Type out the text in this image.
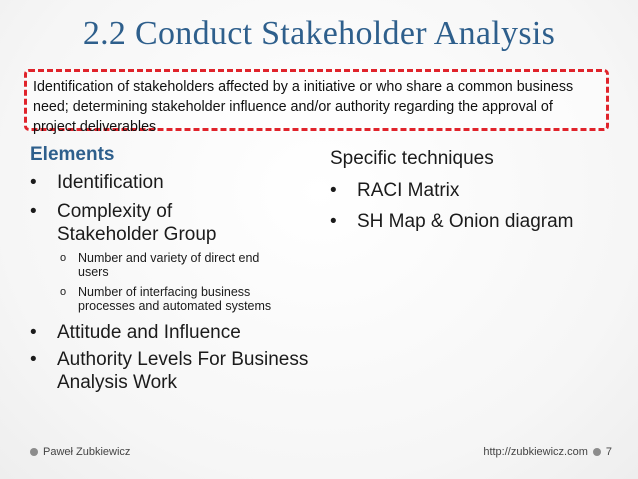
2.2 Conduct Stakeholder Analysis
Identification of stakeholders affected by a initiative or who share a common business need; determining stakeholder influence and/or authority regarding the approval of project deliverables
Elements
• Identification
• Complexity of Stakeholder Group
o Number and variety of direct end users
o Number of interfacing business processes and automated systems
• Attitude and Influence
• Authority Levels For Business Analysis Work
Specific techniques
• RACI Matrix
• SH Map & Onion diagram
Paweł Zubkiewicz	http://zubkiewicz.com 7
